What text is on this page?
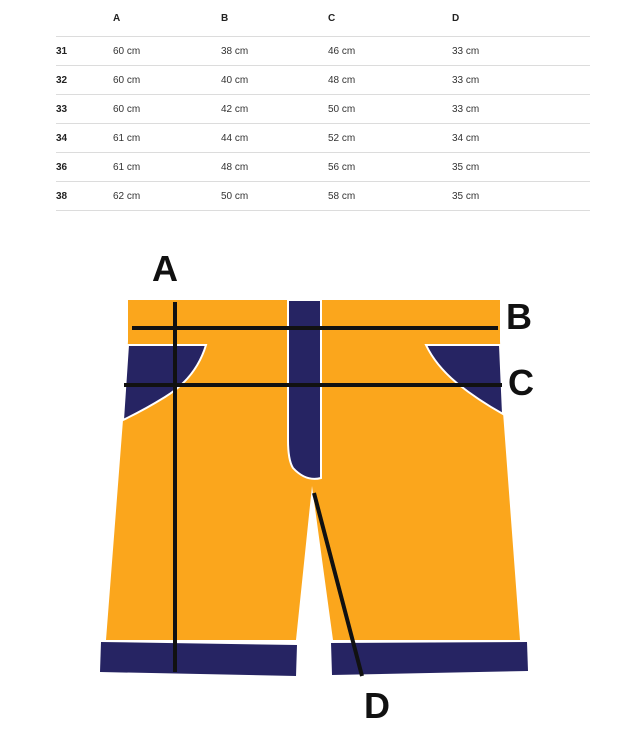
	A	B	C	D
31	60 cm	38 cm	46 cm	33 cm
32	60 cm	40 cm	48 cm	33 cm
33	60 cm	42 cm	50 cm	33 cm
34	61 cm	44 cm	52 cm	34 cm
36	61 cm	48 cm	56 cm	35 cm
38	62 cm	50 cm	58 cm	35 cm
A
B
C
D
